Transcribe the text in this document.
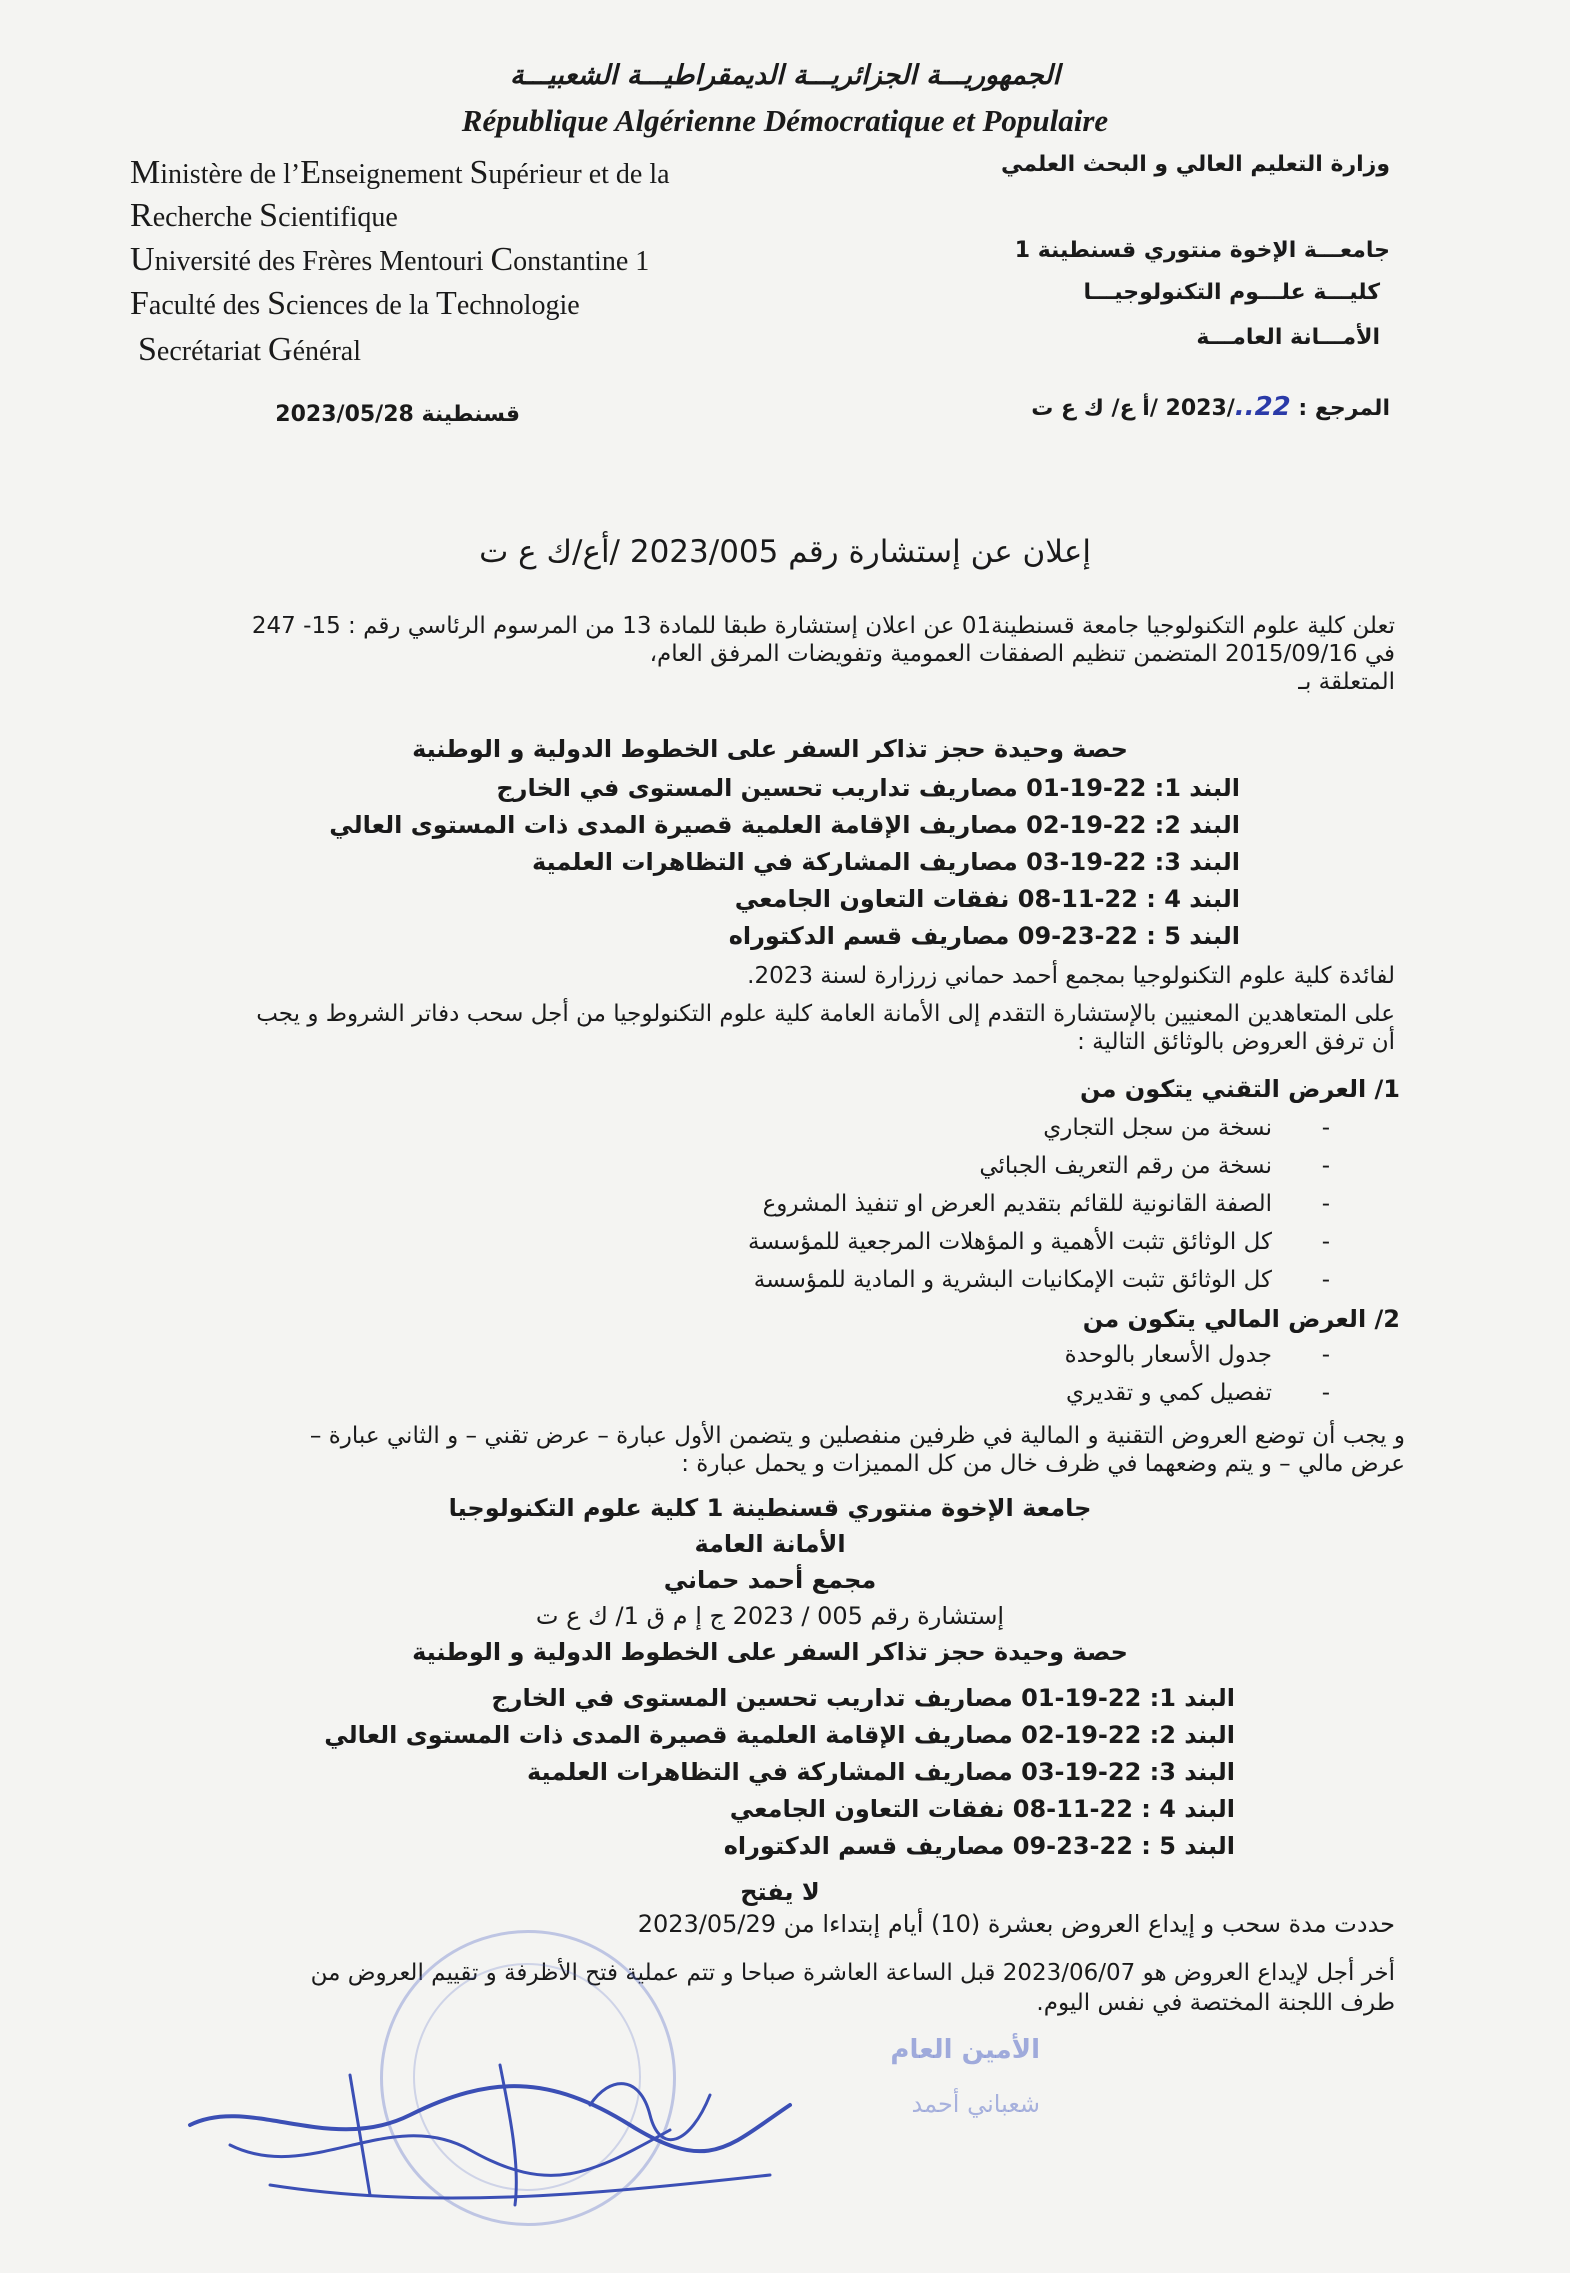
الجمهوريـــة الجزائريـــة الديمقراطيـــة الشعبيـــة
République Algérienne Démocratique et Populaire
Ministère de l’Enseignement Supérieur et de la
Recherche Scientifique
Université des Frères Mentouri Constantine 1
Faculté des Sciences de la Technologie
Secrétariat Général
وزارة التعليم العالي و البحث العلمي
جامعـــة الإخوة منتوري قسنطينة 1
كليـــة علـــوم التكنولوجيـــا
الأمـــانة العامـــة
المرجع : 22../2023 /أ ع/ ك ع ت
قسنطينة 2023/05/28
إعلان عن إستشارة رقم 2023/005 /أع/ك ع ت
تعلن كلية علوم التكنولوجيا جامعة قسنطينة01 عن اعلان إستشارة طبقا للمادة 13 من المرسوم الرئاسي رقم : 15- 247
في 2015/09/16 المتضمن تنظيم الصفقات العمومية وتفويضات المرفق العام،
المتعلقة بـ
حصة وحيدة حجز تذاكر السفر على الخطوط الدولية و الوطنية
البند 1: 22-19-01 مصاريف تداريب تحسين المستوى في الخارج
البند 2: 22-19-02 مصاريف الإقامة العلمية قصيرة المدى ذات المستوى العالي
البند 3: 22-19-03 مصاريف المشاركة في التظاهرات العلمية
البند 4 : 22-11-08 نفقات التعاون الجامعي
البند 5 : 22-23-09 مصاريف قسم الدكتوراه
لفائدة كلية علوم التكنولوجيا بمجمع أحمد حماني زرزارة لسنة 2023.
على المتعاهدين المعنيين بالإستشارة التقدم إلى الأمانة العامة كلية علوم التكنولوجيا من أجل سحب دفاتر الشروط و يجب
أن ترفق العروض بالوثائق التالية :
1/ العرض التقني يتكون من
- نسخة من سجل التجاري
- نسخة من رقم التعريف الجبائي
- الصفة القانونية للقائم بتقديم العرض او تنفيذ المشروع
- كل الوثائق تثبت الأهمية و المؤهلات المرجعية للمؤسسة
- كل الوثائق تثبت الإمكانيات البشرية و المادية للمؤسسة
2/ العرض المالي يتكون من
- جدول الأسعار بالوحدة
- تفصيل كمي و تقديري
و يجب أن توضع العروض التقنية و المالية في ظرفين منفصلين و يتضمن الأول عبارة – عرض تقني – و الثاني عبارة –
عرض مالي – و يتم وضعهما في ظرف خال من كل المميزات و يحمل عبارة :
جامعة الإخوة منتوري قسنطينة 1 كلية علوم التكنولوجيا
الأمانة العامة
مجمع أحمد حماني
إستشارة رقم 005 / 2023 ج إ م ق 1/ ك ع ت
حصة وحيدة حجز تذاكر السفر على الخطوط الدولية و الوطنية
البند 1: 22-19-01 مصاريف تداريب تحسين المستوى في الخارج
البند 2: 22-19-02 مصاريف الإقامة العلمية قصيرة المدى ذات المستوى العالي
البند 3: 22-19-03 مصاريف المشاركة في التظاهرات العلمية
البند 4 : 22-11-08 نفقات التعاون الجامعي
البند 5 : 22-23-09 مصاريف قسم الدكتوراه
لا يفتح
حددت مدة سحب و إيداع العروض بعشرة (10) أيام إبتداءا من 2023/05/29
أخر أجل لإيداع العروض هو 2023/06/07 قبل الساعة العاشرة صباحا و تتم عملية فتح الأظرفة و تقييم العروض من
طرف اللجنة المختصة في نفس اليوم.
الأمين العام
شعباني أحمد
